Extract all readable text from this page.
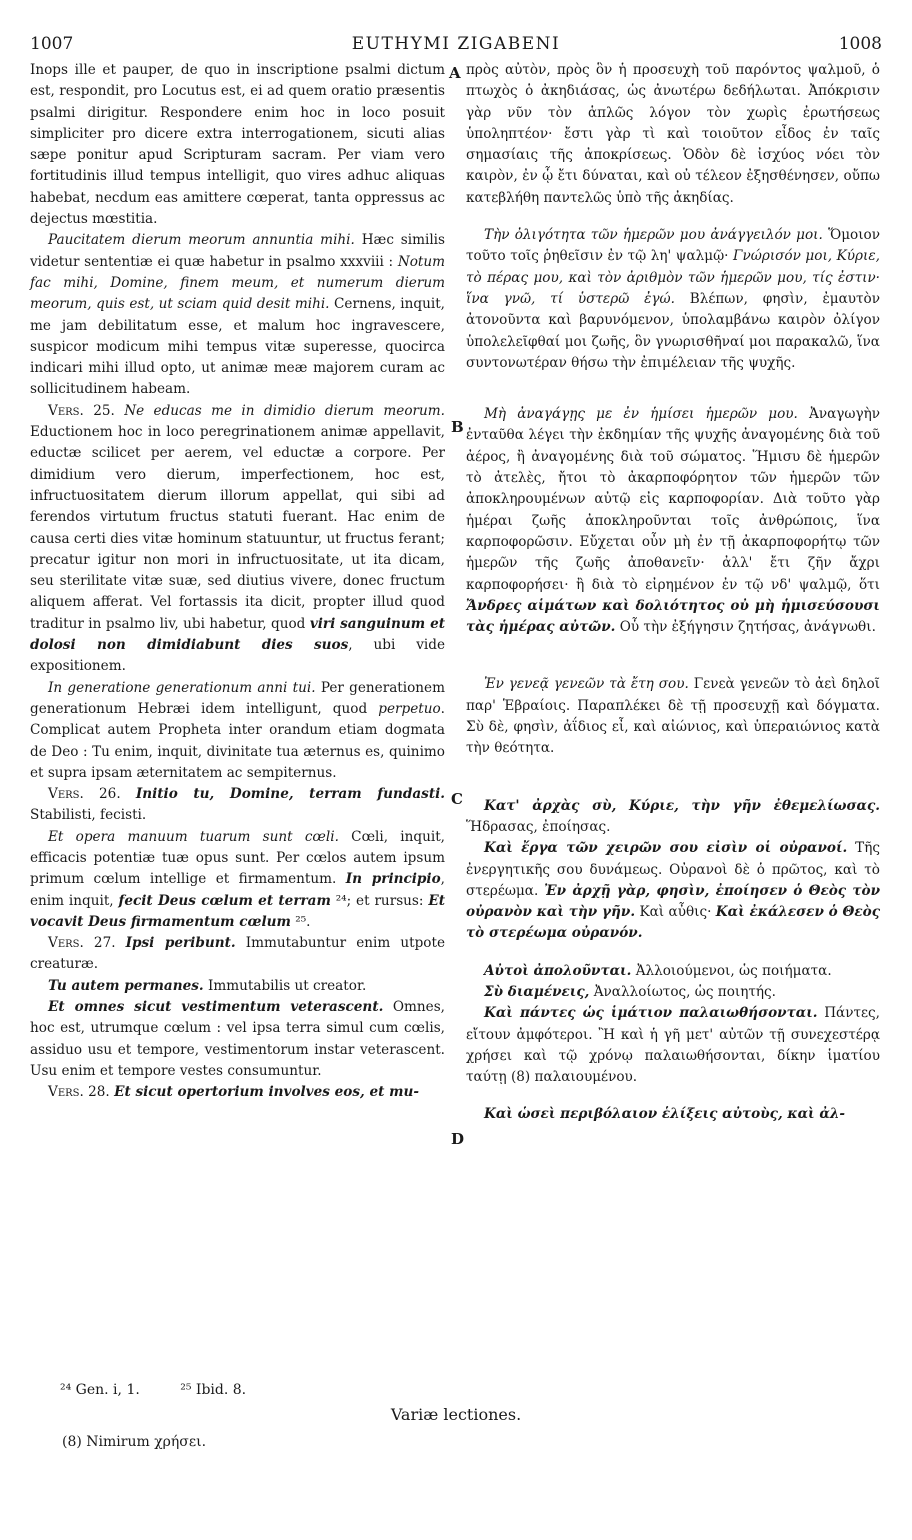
1007	EUTHYMI ZIGABENI	1008

Inops ille et pauper, de quo in inscriptione psalmi dictum est, respondit, pro Locutus est, ei ad quem oratio præsentis psalmi dirigitur. Respondere enim hoc in loco posuit simpliciter pro dicere extra interrogationem, sicuti alias sæpe ponitur apud Scripturam sacram. Per viam vero fortitudinis illud tempus intelligit, quo vires adhuc aliquas habebat, necdum eas amittere cœperat, tanta oppressus ac dejectus mœstitia.

Paucitatem dierum meorum annuntia mihi. Hæc similis videtur sententiæ ei quæ habetur in psalmo xxxviii : Notum fac mihi, Domine, finem meum, et numerum dierum meorum, quis est, ut sciam quid desit mihi. Cernens, inquit, me jam debilitatum esse, et malum hoc ingravescere, suspicor modicum mihi tempus vitæ superesse, quocirca indicari mihi illud opto, ut animæ meæ majorem curam ac sollicitudinem habeam.

Vers. 25. Ne educas me in dimidio dierum meorum. Eductionem hoc in loco peregrinationem animæ appellavit, eductæ scilicet per aerem, vel eductæ a corpore. Per dimidium vero dierum, imperfectionem, hoc est, infructuositatem dierum illorum appellat, qui sibi ad ferendos virtutum fructus statuti fuerant. Hac enim de causa certi dies vitæ hominum statuuntur, ut fructus ferant; precatur igitur non mori in infructuositate, ut ita dicam, seu sterilitate vitæ suæ, sed diutius vivere, donec fructum aliquem afferat. Vel fortassis ita dicit, propter illud quod traditur in psalmo liv, ubi habetur, quod viri sanguinum et dolosi non dimidiabunt dies suos, ubi vide expositionem.

In generatione generationum anni tui. Per generationem generationum Hebræi idem intelligunt, quod perpetuo. Complicat autem Propheta inter orandum etiam dogmata de Deo : Tu enim, inquit, divinitate tua æternus es, quinimo et supra ipsam æternitatem ac sempiternus.

Vers. 26. Initio tu, Domine, terram fundasti. Stabilisti, fecisti.

Et opera manuum tuarum sunt cœli. Cœli, inquit, efficacis potentiæ tuæ opus sunt. Per cœlos autem ipsum primum cœlum intellige et firmamentum. In principio, enim inquit, fecit Deus cœlum et terram ²⁴; et rursus: Et vocavit Deus firmamentum cœlum ²⁵.

Vers. 27. Ipsi peribunt. Immutabuntur enim utpote creaturæ.

Tu autem permanes. Immutabilis ut creator.

Et omnes sicut vestimentum veterascent. Omnes, hoc est, utrumque cœlum : vel ipsa terra simul cum cœlis, assiduo usu et tempore, vestimentorum instar veterascent. Usu enim et tempore vestes consumuntur.

Vers. 28. Et sicut opertorium involves eos, et mu-

πρὸς αὐτὸν, πρὸς ὃν ἡ προσευχὴ τοῦ παρόντος ψαλμοῦ, ὁ πτωχὸς ὁ ἀκηδιάσας, ὡς ἀνωτέρω δεδήλωται. Ἀπόκρισιν γὰρ νῦν τὸν ἁπλῶς λόγον τὸν χωρὶς ἐρωτήσεως ὑποληπτέον· ἔστι γὰρ τὶ καὶ τοιοῦτον εἶδος ἐν ταῖς σημασίαις τῆς ἀποκρίσεως. Ὁδὸν δὲ ἰσχύος νόει τὸν καιρὸν, ἐν ᾧ ἔτι δύναται, καὶ οὐ τέλεον ἐξησθένησεν, οὔπω κατεβλήθη παντελῶς ὑπὸ τῆς ἀκηδίας.

Τὴν ὀλιγότητα τῶν ἡμερῶν μου ἀνάγγειλόν μοι. Ὅμοιον τοῦτο τοῖς ῥηθεῖσιν ἐν τῷ λη' ψαλμῷ· Γνώρισόν μοι, Κύριε, τὸ πέρας μου, καὶ τὸν ἀριθμὸν τῶν ἡμερῶν μου, τίς ἐστιν· ἵνα γνῶ, τί ὑστερῶ ἐγώ. Βλέπων, φησὶν, ἐμαυτὸν ἀτονοῦντα καὶ βαρυνόμενον, ὑπολαμβάνω καιρὸν ὀλίγον ὑπολελεῖφθαί μοι ζωῆς, ὃν γνωρισθῆναί μοι παρακαλῶ, ἵνα συντονωτέραν θήσω τὴν ἐπιμέλειαν τῆς ψυχῆς.

Μὴ ἀναγάγῃς με ἐν ἡμίσει ἡμερῶν μου. Ἀναγωγὴν ἐνταῦθα λέγει τὴν ἐκδημίαν τῆς ψυχῆς ἀναγομένης διὰ τοῦ ἀέρος, ἢ ἀναγομένης διὰ τοῦ σώματος. Ἥμισυ δὲ ἡμερῶν τὸ ἀτελὲς, ἤτοι τὸ ἀκαρποφόρητον τῶν ἡμερῶν τῶν ἀποκληρουμένων αὐτῷ εἰς καρποφορίαν. Διὰ τοῦτο γὰρ ἡμέραι ζωῆς ἀποκληροῦνται τοῖς ἀνθρώποις, ἵνα καρποφορῶσιν. Εὔχεται οὖν μὴ ἐν τῇ ἀκαρποφορήτῳ τῶν ἡμερῶν τῆς ζωῆς ἀποθανεῖν· ἀλλ' ἔτι ζῆν ἄχρι καρποφορήσει· ἢ διὰ τὸ εἰρημένον ἐν τῷ νδ' ψαλμῷ, ὅτι Ἄνδρες αἱμάτων καὶ δολιότητος οὐ μὴ ἡμισεύσουσι τὰς ἡμέρας αὐτῶν. Οὗ τὴν ἐξήγησιν ζητήσας, ἀνάγνωθι.

Ἐν γενεᾷ γενεῶν τὰ ἔτη σου. Γενεὰ γενεῶν τὸ ἀεὶ δηλοῖ παρ' Ἑβραίοις. Παραπλέκει δὲ τῇ προσευχῇ καὶ δόγματα. Σὺ δὲ, φησὶν, ἀΐδιος εἶ, καὶ αἰώνιος, καὶ ὑπεραιώνιος κατὰ τὴν θεότητα.

Κατ' ἀρχὰς σὺ, Κύριε, τὴν γῆν ἐθεμελίωσας. Ἥδρασας, ἐποίησας.

Καὶ ἔργα τῶν χειρῶν σου εἰσὶν οἱ οὐρανοί. Τῆς ἐνεργητικῆς σου δυνάμεως. Οὐρανοὶ δὲ ὁ πρῶτος, καὶ τὸ στερέωμα. Ἐν ἀρχῇ γὰρ, φησὶν, ἐποίησεν ὁ Θεὸς τὸν οὐρανὸν καὶ τὴν γῆν. Καὶ αὖθις· Καὶ ἐκάλεσεν ὁ Θεὸς τὸ στερέωμα οὐρανόν.

Αὐτοὶ ἀπολοῦνται. Ἀλλοιούμενοι, ὡς ποιήματα.

Σὺ διαμένεις, Ἀναλλοίωτος, ὡς ποιητής.

Καὶ πάντες ὡς ἱμάτιον παλαιωθήσονται. Πάντες, εἴτουν ἀμφότεροι. Ἢ καὶ ἡ γῆ μετ' αὐτῶν τῇ συνεχεστέρᾳ χρήσει καὶ τῷ χρόνῳ παλαιωθήσονται, δίκην ἱματίου ταύτῃ (8) παλαιουμένου.

Καὶ ὡσεὶ περιβόλαιον ἑλίξεις αὐτοὺς, καὶ ἀλ-

A
B
C
D
²⁴ Gen. i, 1.	²⁵ Ibid. 8.
Variæ lectiones.
(8) Nimirum χρήσει.
